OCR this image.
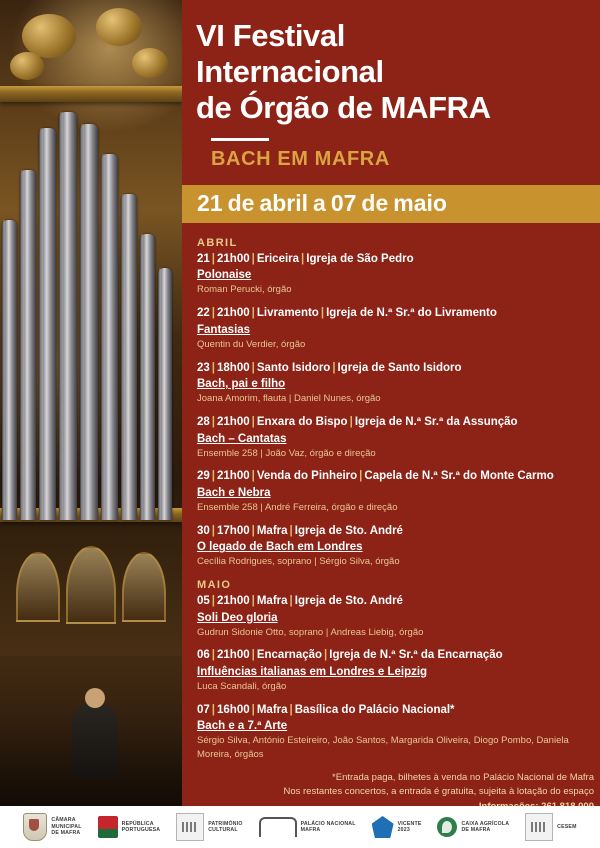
VI Festival
Internacional
de Órgão de MAFRA
BACH EM MAFRA
21 de abril a 07 de maio
ABRIL
21 | 21h00 | Ericeira | Igreja de São Pedro
Polonaise
Roman Perucki, órgão
22 | 21h00 | Livramento | Igreja de N.ª Sr.ª do Livramento
Fantasias
Quentin du Verdier, órgão
23 | 18h00 | Santo Isidoro | Igreja de Santo Isidoro
Bach, pai e filho
Joana Amorim, flauta | Daniel Nunes, órgão
28 | 21h00 | Enxara do Bispo | Igreja de N.ª Sr.ª da Assunção
Bach – Cantatas
Ensemble 258 | João Vaz, órgão e direção
29 | 21h00 | Venda do Pinheiro | Capela de N.ª Sr.ª do Monte Carmo
Bach e Nebra
Ensemble 258 | André Ferreira, órgão e direção
30 | 17h00 | Mafra | Igreja de Sto. André
O legado de Bach em Londres
Cecília Rodrigues, soprano | Sérgio Silva, órgão
MAIO
05 | 21h00 | Mafra | Igreja de Sto. André
Soli Deo gloria
Gudrun Sidonie Otto, soprano | Andreas Liebig, órgão
06 | 21h00 | Encarnação | Igreja de N.ª Sr.ª da Encarnação
Influências italianas em Londres e Leipzig
Luca Scandali, órgão
07 | 16h00 | Mafra | Basílica do Palácio Nacional*
Bach e a 7.ª Arte
Sérgio Silva, António Esteireiro, João Santos, Margarida Oliveira, Diogo Pombo, Daniela Moreira, órgãos
*Entrada paga, bilhetes à venda no Palácio Nacional de Mafra
Nos restantes concertos, a entrada é gratuita, sujeita à lotação do espaço
CÂMARA
MUNICIPAL
DE MAFRA
REPÚBLICA
PORTUGUESA
PATRIMÓNIO
CULTURAL
PALÁCIO NACIONAL
MAFRA
VICENTE
2023
CAIXA AGRÍCOLA
DE MAFRA
CESEM
